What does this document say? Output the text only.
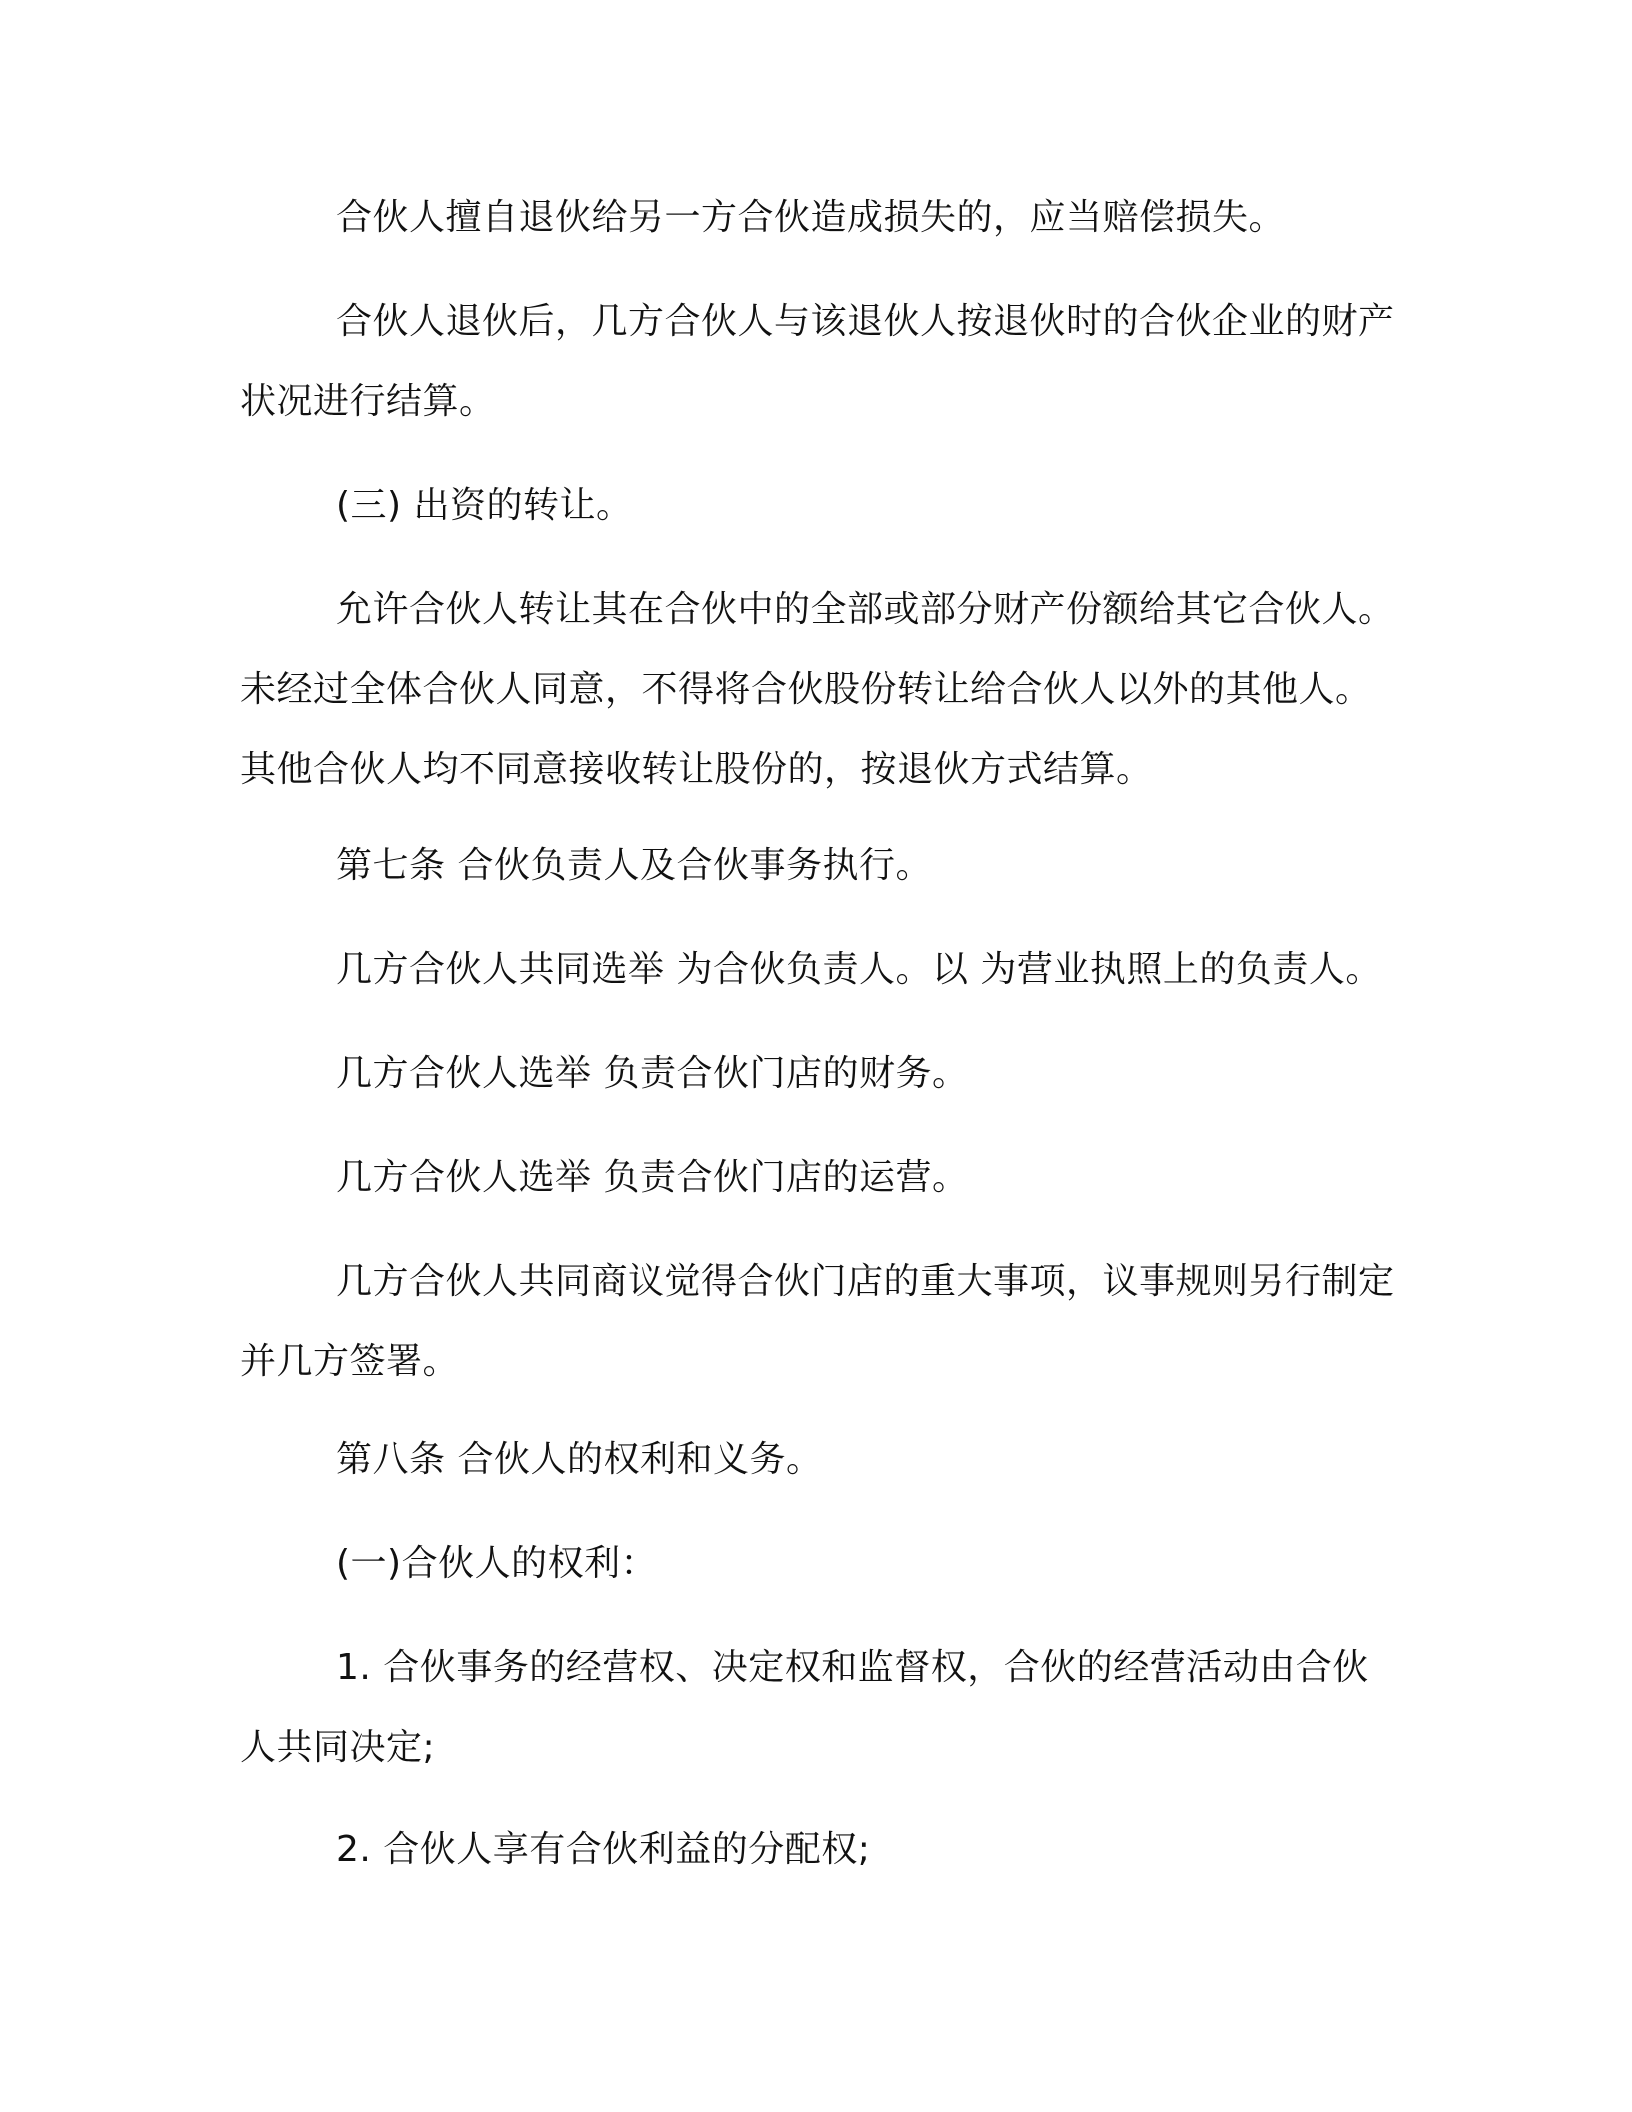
合伙人擅自退伙给另一方合伙造成损失的，应当赔偿损失。

合伙人退伙后，几方合伙人与该退伙人按退伙时的合伙企业的财产状况进行结算。

(三) 出资的转让。

允许合伙人转让其在合伙中的全部或部分财产份额给其它合伙人。未经过全体合伙人同意，不得将合伙股份转让给合伙人以外的其他人。其他合伙人均不同意接收转让股份的，按退伙方式结算。

第七条 合伙负责人及合伙事务执行。

几方合伙人共同选举 为合伙负责人。以 为营业执照上的负责人。

几方合伙人选举 负责合伙门店的财务。

几方合伙人选举 负责合伙门店的运营。

几方合伙人共同商议觉得合伙门店的重大事项，议事规则另行制定并几方签署。

第八条 合伙人的权利和义务。

(一)合伙人的权利：

1. 合伙事务的经营权、决定权和监督权，合伙的经营活动由合伙人共同决定;

2. 合伙人享有合伙利益的分配权;
